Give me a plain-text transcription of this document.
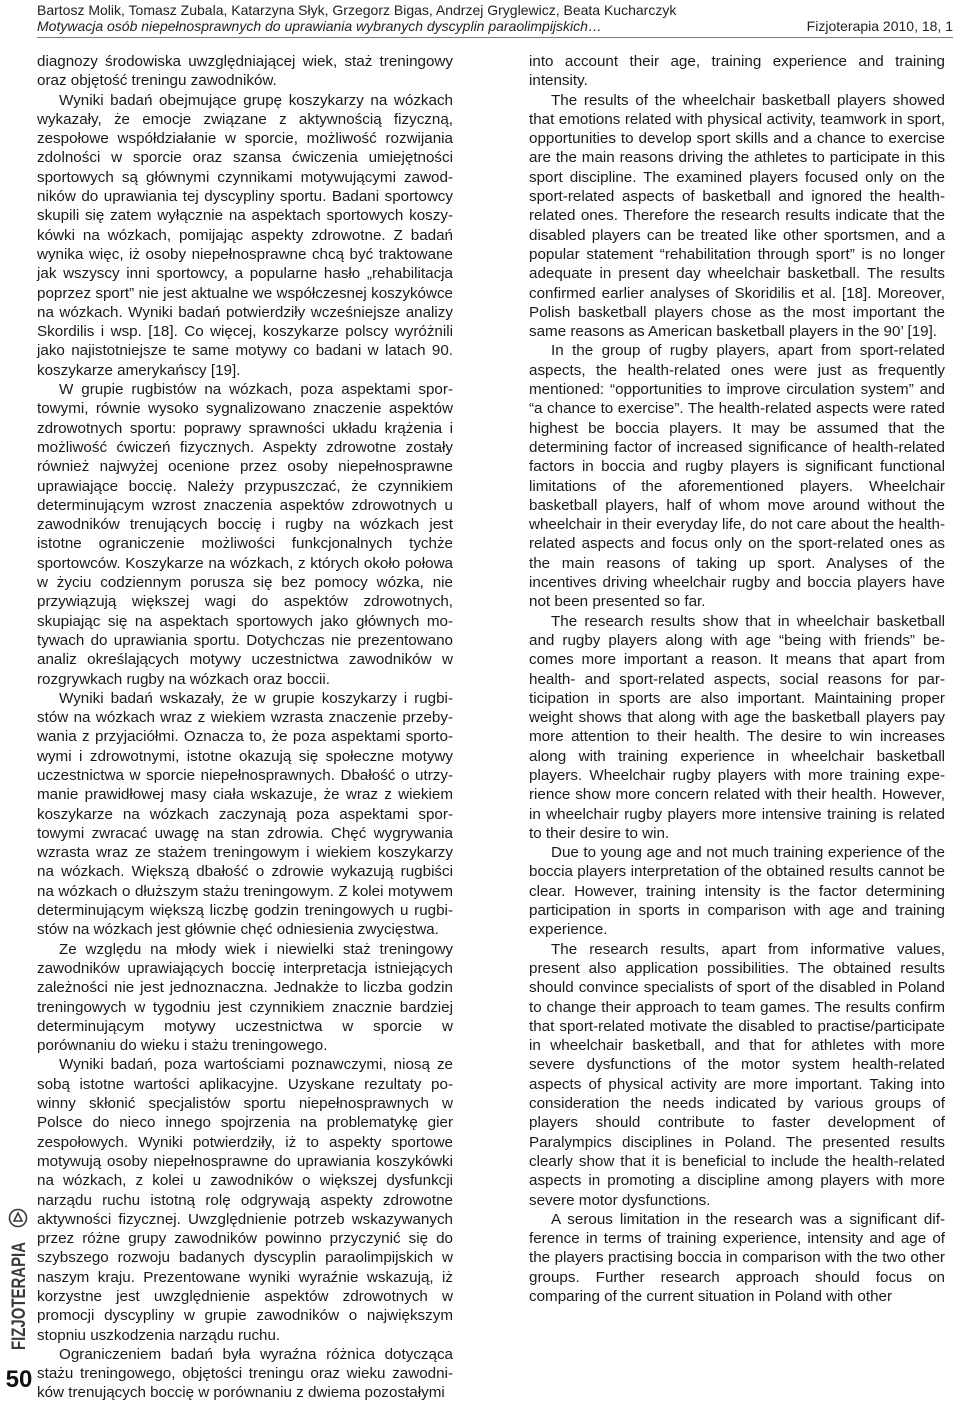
Bartosz Molik, Tomasz Zubala, Katarzyna Słyk, Grzegorz Bigas, Andrzej Gryglewicz, Beata Kucharczyk
Motywacja osób niepełnosprawnych do uprawiania wybranych dyscyplin paraolimpijskich…	Fizjoterapia 2010, 18, 1

diagnozy środowiska uwzględniającej wiek, staż treningowy oraz objętość treningu zawodników.

Wyniki badań obejmujące grupę koszykarzy na wózkach wykazały, że emocje związane z aktywnością fizyczną, zespołowe współdziałanie w sporcie, możliwość rozwijania zdolności w sporcie oraz szansa ćwiczenia umiejętności sportowych są głównymi czynnikami motywującymi zawodników do uprawiania tej dyscypliny sportu. Badani sportowcy skupili się zatem wyłącznie na aspektach sportowych koszykówki na wózkach, pomijając aspekty zdrowotne. Z badań wynika więc, iż osoby niepełnosprawne chcą być traktowane jak wszyscy inni sportowcy, a popularne hasło „rehabilitacja poprzez sport” nie jest aktualne we współczesnej koszykówce na wózkach. Wyniki badań potwierdziły wcześniejsze analizy Skordilis i wsp. [18]. Co więcej, koszykarze polscy wyróżnili jako najistotniejsze te same motywy co badani w latach 90. koszykarze amerykańscy [19].

W grupie rugbistów na wózkach, poza aspektami sportowymi, równie wysoko sygnalizowano znaczenie aspektów zdrowotnych sportu: poprawy sprawności układu krążenia i możliwość ćwiczeń fizycznych. Aspekty zdrowotne zostały również najwyżej ocenione przez osoby niepełnosprawne uprawiające boccię. Należy przypuszczać, że czynnikiem determinującym wzrost znaczenia aspektów zdrowotnych u zawodników trenujących boccię i rugby na wózkach jest istotne ograniczenie możliwości funkcjonalnych tychże sportowców. Koszykarze na wózkach, z których około połowa w życiu codziennym porusza się bez pomocy wózka, nie przywiązują większej wagi do aspektów zdrowotnych, skupiając się na aspektach sportowych jako głównych motywach do uprawiania sportu. Dotychczas nie prezentowano analiz określających motywy uczestnictwa zawodników w rozgrywkach rugby na wózkach oraz boccii.

Wyniki badań wskazały, że w grupie koszykarzy i rugbistów na wózkach wraz z wiekiem wzrasta znaczenie przebywania z przyjaciółmi. Oznacza to, że poza aspektami sportowymi i zdrowotnymi, istotne okazują się społeczne motywy uczestnictwa w sporcie niepełnosprawnych. Dbałość o utrzymanie prawidłowej masy ciała wskazuje, że wraz z wiekiem koszykarze na wózkach zaczynają poza aspektami sportowymi zwracać uwagę na stan zdrowia. Chęć wygrywania wzrasta wraz ze stażem treningowym i wiekiem koszykarzy na wózkach. Większą dbałość o zdrowie wykazują rugbiści na wózkach o dłuższym stażu treningowym. Z kolei motywem determinującym większą liczbę godzin treningowych u rugbistów na wózkach jest głównie chęć odniesienia zwycięstwa.

Ze względu na młody wiek i niewielki staż treningowy zawodników uprawiających boccię interpretacja istniejących zależności nie jest jednoznaczna. Jednakże to liczba godzin treningowych w tygodniu jest czynnikiem znacznie bardziej determinującym motywy uczestnictwa w sporcie w porównaniu do wieku i stażu treningowego.

Wyniki badań, poza wartościami poznawczymi, niosą ze sobą istotne wartości aplikacyjne. Uzyskane rezultaty powinny skłonić specjalistów sportu niepełnosprawnych w Polsce do nieco innego spojrzenia na problematykę gier zespołowych. Wyniki potwierdziły, iż to aspekty sportowe motywują osoby niepełnosprawne do uprawiania koszykówki na wózkach, z kolei u zawodników o większej dysfunkcji narządu ruchu istotną rolę odgrywają aspekty zdrowotne aktywności fizycznej. Uwzględnienie potrzeb wskazywanych przez różne grupy zawodników powinno przyczynić się do szybszego rozwoju badanych dyscyplin paraolimpijskich w naszym kraju. Prezentowane wyniki wyraźnie wskazują, iż korzystne jest uwzględnienie aspektów zdrowotnych w promocji dyscypliny w grupie zawodników o największym stopniu uszkodzenia narządu ruchu.

Ograniczeniem badań była wyraźna różnica dotycząca stażu treningowego, objętości treningu oraz wieku zawodników trenujących boccię w porównaniu z dwiema pozostałymi

into account their age, training experience and training intensity.

The results of the wheelchair basketball players showed that emotions related with physical activity, teamwork in sport, opportunities to develop sport skills and a chance to exercise are the main reasons driving the athletes to participate in this sport discipline. The examined players focused only on the sport-related aspects of basketball and ignored the health-related ones. Therefore the research results indicate that the disabled players can be treated like other sportsmen, and a popular statement “rehabilitation through sport” is no longer adequate in present day wheelchair basketball. The results confirmed earlier analyses of Skoridilis et al. [18]. Moreover, Polish basketball players chose as the most important the same reasons as American basketball players in the 90’ [19].

In the group of rugby players, apart from sport-related aspects, the health-related ones were just as frequently mentioned: “opportunities to improve circulation system” and “a chance to exercise”. The health-related aspects were rated highest be boccia players. It may be assumed that the determining factor of increased significance of health-related factors in boccia and rugby players is significant functional limitations of the aforementioned players. Wheelchair basketball players, half of whom move around without the wheelchair in their everyday life, do not care about the health-related aspects and focus only on the sport-related ones as the main reasons of taking up sport. Analyses of the incentives driving wheelchair rugby and boccia players have not been presented so far.

The research results show that in wheelchair basketball and rugby players along with age “being with friends” becomes more important a reason. It means that apart from health- and sport-related aspects, social reasons for participation in sports are also important. Maintaining proper weight shows that along with age the basketball players pay more attention to their health. The desire to win increases along with training experience in wheelchair basketball players. Wheelchair rugby players with more training experience show more concern related with their health. However, in wheelchair rugby players more intensive training is related to their desire to win.

Due to young age and not much training experience of the boccia players interpretation of the obtained results cannot be clear. However, training intensity is the factor determining participation in sports in comparison with age and training experience.

The research results, apart from informative values, present also application possibilities. The obtained results should convince specialists of sport of the disabled in Poland to change their approach to team games. The results confirm that sport-related motivate the disabled to practise/participate in wheelchair basketball, and that for athletes with more severe dysfunctions of the motor system health-related aspects of physical activity are more important. Taking into consideration the needs indicated by various groups of players should contribute to faster development of Paralympics disciplines in Poland. The presented results clearly show that it is beneficial to include the health-related aspects in promoting a discipline among players with more severe motor dysfunctions.

A serous limitation in the research was a significant difference in terms of training experience, intensity and age of the players practising boccia in comparison with the two other groups. Further research approach should focus on comparing of the current situation in Poland with other

FIZJOTERAPIA
50
